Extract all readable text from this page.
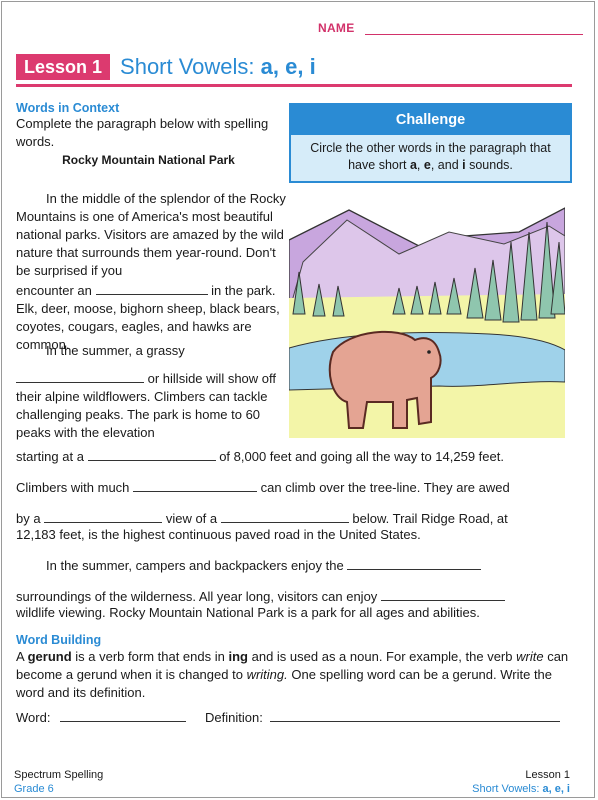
NAME
Lesson 1 Short Vowels: a, e, i
Words in Context
Complete the paragraph below with spelling words.
Rocky Mountain National Park
In the middle of the splendor of the Rocky Mountains is one of America's most beautiful national parks. Visitors are amazed by the wild nature that surrounds them year-round. Don't be surprised if you
encounter an	in the park. Elk, deer, moose, bighorn sheep, black bears, coyotes, cougars, eagles, and hawks are common.
In the summer, a grassy
or hillside will show off their alpine wildflowers. Climbers can tackle challenging peaks. The park is home to 60 peaks with the elevation
starting at a	of 8,000 feet and going all the way to 14,259 feet.
Climbers with much	can climb over the tree-line. They are awed
by a	view of a	below. Trail Ridge Road, at
12,183 feet, is the highest continuous paved road in the United States.
In the summer, campers and backpackers enjoy the
surroundings of the wilderness. All year long, visitors can enjoy
wildlife viewing. Rocky Mountain National Park is a park for all ages and abilities.
Challenge
Circle the other words in the paragraph that have short a, e, and i sounds.
Word Building
A gerund is a verb form that ends in ing and is used as a noun. For example, the verb write can become a gerund when it is changed to writing. One spelling word can be a gerund. Write the word and its definition.
Word:	Definition:
Spectrum Spelling
Grade 6
Lesson 1
Short Vowels: a, e, i
